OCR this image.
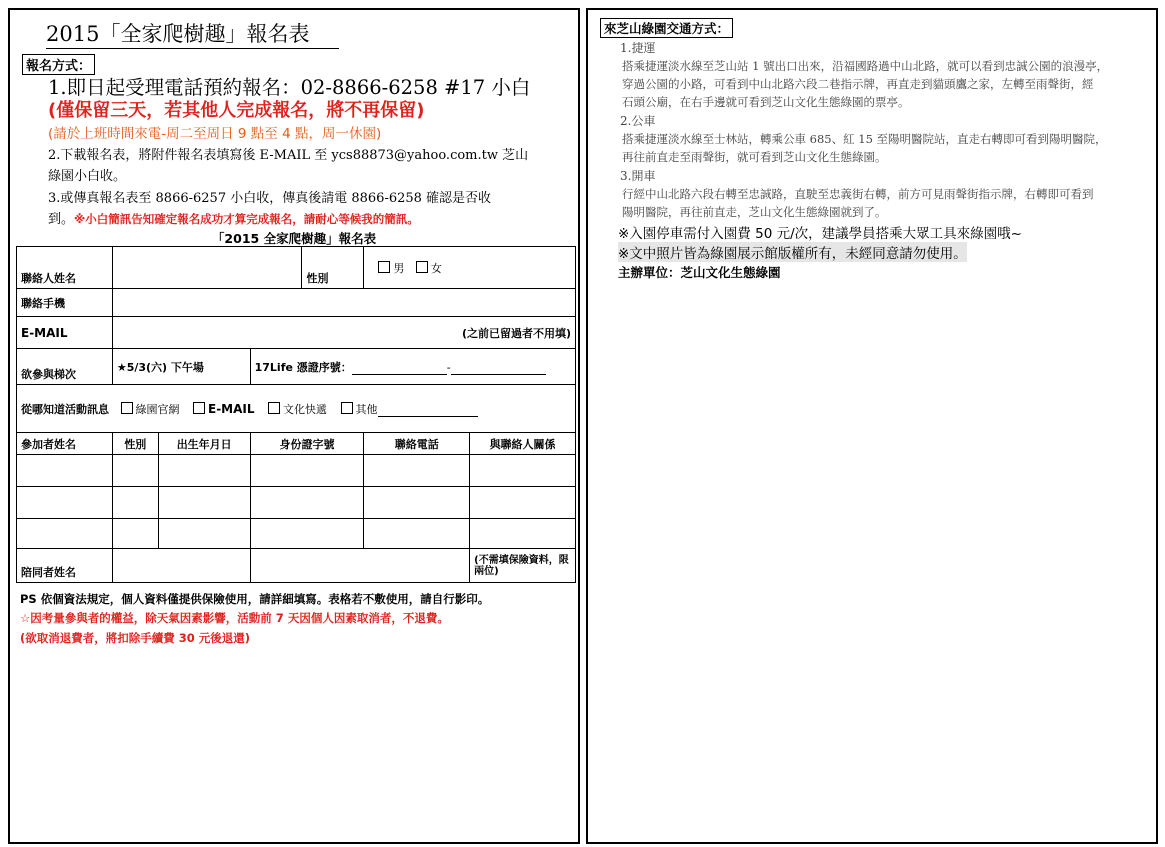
2015「全家爬樹趣」報名表
報名方式：
1.即日起受理電話預約報名：02-8866-6258 #17 小白
(僅保留三天，若其他人完成報名，將不再保留)
(請於上班時間來電-周二至周日 9 點至 4 點，周一休園)
2.下載報名表，將附件報名表填寫後 E-MAIL 至 ycs88873@yahoo.com.tw 芝山
綠園小白收。
3.或傳真報名表至 8866-6257 小白收，傳真後請電 8866-6258 確認是否收
到。※小白簡訊告知確定報名成功才算完成報名，請耐心等候我的簡訊。
「2015 全家爬樹趣」報名表
聯絡人姓名				性別	男 女	
聯絡手機						
E-MAIL	(之前已留過者不用填)					
欲參與梯次	★5/3(六) 下午場		17Life 憑證序號： -			
從哪知道活動訊息 綠園官網 E-MAIL 文化快遞 其他						
參加者姓名	性別	出生年月日	身份證字號		聯絡電話	與聯絡人關係

陪同者姓名						(不需填保險資料，限兩位)
PS 依個資法規定，個人資料僅提供保險使用，請詳細填寫。表格若不敷使用，請自行影印。
☆因考量參與者的權益，除天氣因素影響，活動前 7 天因個人因素取消者，不退費。
(欲取消退費者，將扣除手續費 30 元後退還)
來芝山綠園交通方式：
1.捷運
搭乘捷運淡水線至芝山站 1 號出口出來，沿福國路過中山北路，就可以看到忠誠公園的浪漫亭，
穿過公園的小路，可看到中山北路六段二巷指示牌，再直走到貓頭鷹之家，左轉至雨聲街，經
石頭公廟，在右手邊就可看到芝山文化生態綠園的票亭。
2.公車
搭乘捷運淡水線至士林站，轉乘公車 685、紅 15 至陽明醫院站，直走右轉即可看到陽明醫院，
再往前直走至雨聲街，就可看到芝山文化生態綠園。
3.開車
行經中山北路六段右轉至忠誠路，直駛至忠義街右轉，前方可見雨聲街指示牌，右轉即可看到
陽明醫院，再往前直走，芝山文化生態綠園就到了。
※入園停車需付入園費 50 元/次，建議學員搭乘大眾工具來綠園哦~
※文中照片皆為綠園展示館版權所有，未經同意請勿使用。
主辦單位：芝山文化生態綠園
